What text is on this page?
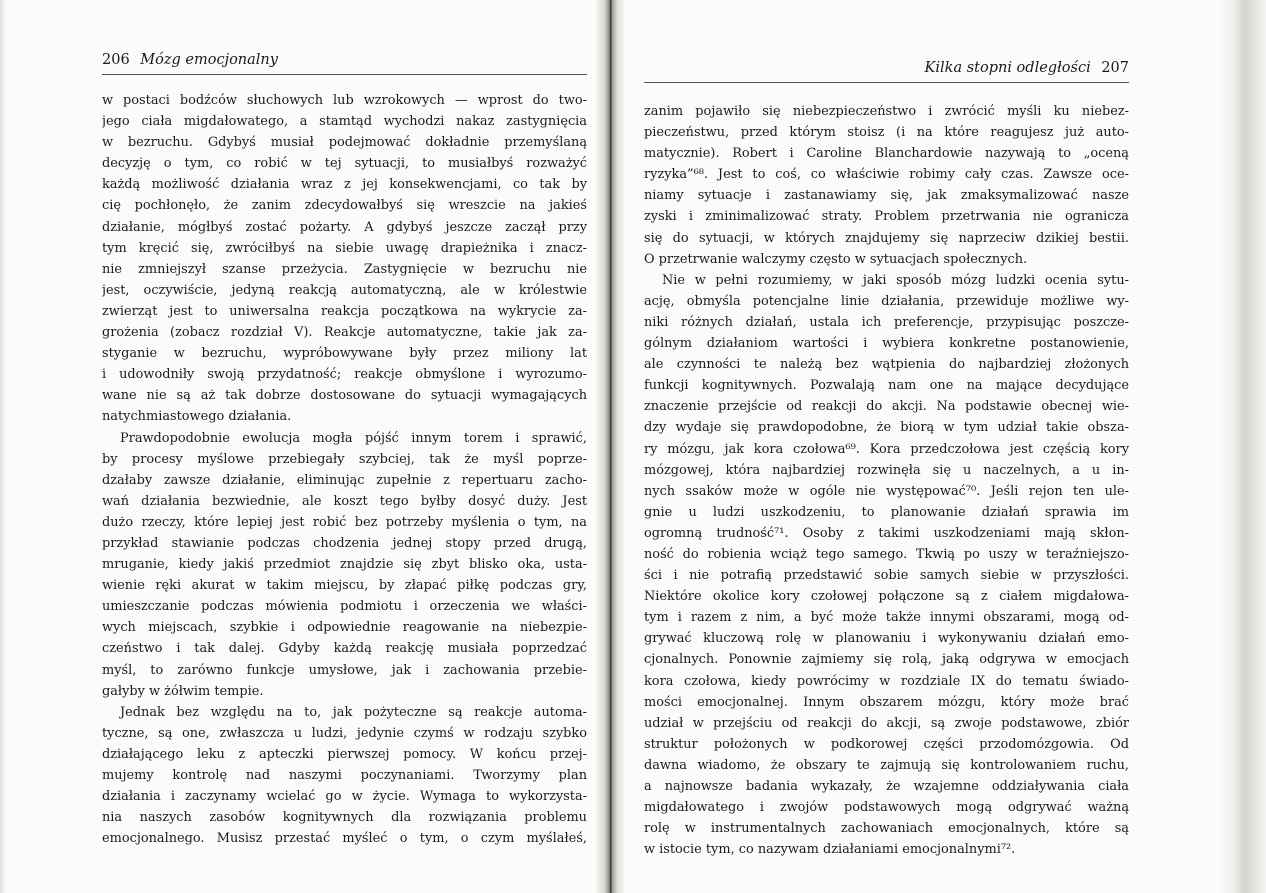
206 Mózg emocjonalny
w postaci bodźców słuchowych lub wzrokowych — wprost do two-
jego ciała migdałowatego, a stamtąd wychodzi nakaz zastygnięcia
w bezruchu. Gdybyś musiał podejmować dokładnie przemyślaną
decyzję o tym, co robić w tej sytuacji, to musiałbyś rozważyć
każdą możliwość działania wraz z jej konsekwencjami, co tak by
cię pochłonęło, że zanim zdecydowałbyś się wreszcie na jakieś
działanie, mógłbyś zostać pożarty. A gdybyś jeszcze zaczął przy
tym kręcić się, zwróciłbyś na siebie uwagę drapieżnika i znacz-
nie zmniejszył szanse przeżycia. Zastygnięcie w bezruchu nie
jest, oczywiście, jedyną reakcją automatyczną, ale w królestwie
zwierząt jest to uniwersalna reakcja początkowa na wykrycie za-
grożenia (zobacz rozdział V). Reakcje automatyczne, takie jak za-
styganie w bezruchu, wypróbowywane były przez miliony lat
i udowodniły swoją przydatność; reakcje obmyślone i wyrozumo-
wane nie są aż tak dobrze dostosowane do sytuacji wymagających
natychmiastowego działania.
Prawdopodobnie ewolucja mogła pójść innym torem i sprawić,
by procesy myślowe przebiegały szybciej, tak że myśl poprze-
dzałaby zawsze działanie, eliminując zupełnie z repertuaru zacho-
wań działania bezwiednie, ale koszt tego byłby dosyć duży. Jest
dużo rzeczy, które lepiej jest robić bez potrzeby myślenia o tym, na
przykład stawianie podczas chodzenia jednej stopy przed drugą,
mruganie, kiedy jakiś przedmiot znajdzie się zbyt blisko oka, usta-
wienie ręki akurat w takim miejscu, by złapać piłkę podczas gry,
umieszczanie podczas mówienia podmiotu i orzeczenia we właści-
wych miejscach, szybkie i odpowiednie reagowanie na niebezpie-
czeństwo i tak dalej. Gdyby każdą reakcję musiała poprzedzać
myśl, to zarówno funkcje umysłowe, jak i zachowania przebie-
gałyby w żółwim tempie.
Jednak bez względu na to, jak pożyteczne są reakcje automa-
tyczne, są one, zwłaszcza u ludzi, jedynie czymś w rodzaju szybko
działającego leku z apteczki pierwszej pomocy. W końcu przej-
mujemy kontrolę nad naszymi poczynaniami. Tworzymy plan
działania i zaczynamy wcielać go w życie. Wymaga to wykorzysta-
nia naszych zasobów kognitywnych dla rozwiązania problemu
emocjonalnego. Musisz przestać myśleć o tym, o czym myślałeś,
Kilka stopni odległości 207
zanim pojawiło się niebezpieczeństwo i zwrócić myśli ku niebez-
pieczeństwu, przed którym stoisz (i na które reagujesz już auto-
matycznie). Robert i Caroline Blanchardowie nazywają to „oceną
ryzyka”⁶⁸. Jest to coś, co właściwie robimy cały czas. Zawsze oce-
niamy sytuacje i zastanawiamy się, jak zmaksymalizować nasze
zyski i zminimalizować straty. Problem przetrwania nie ogranicza
się do sytuacji, w których znajdujemy się naprzeciw dzikiej bestii.
O przetrwanie walczymy często w sytuacjach społecznych.
Nie w pełni rozumiemy, w jaki sposób mózg ludzki ocenia sytu-
ację, obmyśla potencjalne linie działania, przewiduje możliwe wy-
niki różnych działań, ustala ich preferencje, przypisując poszcze-
gólnym działaniom wartości i wybiera konkretne postanowienie,
ale czynności te należą bez wątpienia do najbardziej złożonych
funkcji kognitywnych. Pozwalają nam one na mające decydujące
znaczenie przejście od reakcji do akcji. Na podstawie obecnej wie-
dzy wydaje się prawdopodobne, że biorą w tym udział takie obsza-
ry mózgu, jak kora czołowa⁶⁹. Kora przedczołowa jest częścią kory
mózgowej, która najbardziej rozwinęła się u naczelnych, a u in-
nych ssaków może w ogóle nie występować⁷⁰. Jeśli rejon ten ule-
gnie u ludzi uszkodzeniu, to planowanie działań sprawia im
ogromną trudność⁷¹. Osoby z takimi uszkodzeniami mają skłon-
ność do robienia wciąż tego samego. Tkwią po uszy w teraźniejszo-
ści i nie potrafią przedstawić sobie samych siebie w przyszłości.
Niektóre okolice kory czołowej połączone są z ciałem migdałowa-
tym i razem z nim, a być może także innymi obszarami, mogą od-
grywać kluczową rolę w planowaniu i wykonywaniu działań emo-
cjonalnych. Ponownie zajmiemy się rolą, jaką odgrywa w emocjach
kora czołowa, kiedy powrócimy w rozdziale IX do tematu świado-
mości emocjonalnej. Innym obszarem mózgu, który może brać
udział w przejściu od reakcji do akcji, są zwoje podstawowe, zbiór
struktur położonych w podkorowej części przodomózgowia. Od
dawna wiadomo, że obszary te zajmują się kontrolowaniem ruchu,
a najnowsze badania wykazały, że wzajemne oddziaływania ciała
migdałowatego i zwojów podstawowych mogą odgrywać ważną
rolę w instrumentalnych zachowaniach emocjonalnych, które są
w istocie tym, co nazywam działaniami emocjonalnymi⁷².
